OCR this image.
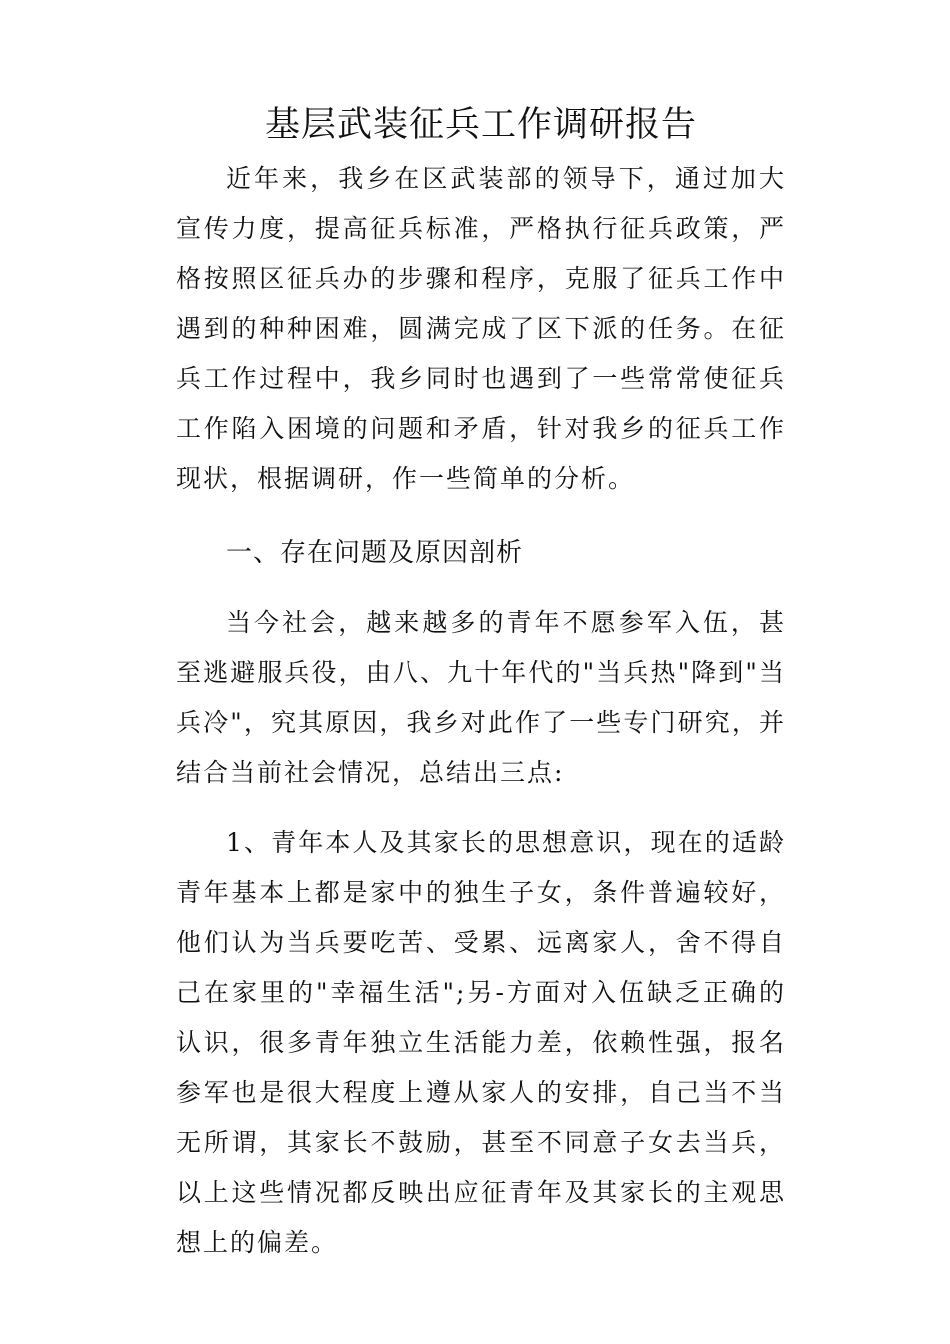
基层武装征兵工作调研报告

近年来，我乡在区武装部的领导下，通过加大宣传力度，提高征兵标准，严格执行征兵政策，严格按照区征兵办的步骤和程序，克服了征兵工作中遇到的种种困难，圆满完成了区下派的任务。在征兵工作过程中，我乡同时也遇到了一些常常使征兵工作陷入困境的问题和矛盾，针对我乡的征兵工作现状，根据调研，作一些简单的分析。

一、存在问题及原因剖析

当今社会，越来越多的青年不愿参军入伍，甚至逃避服兵役，由八、九十年代的"当兵热"降到"当兵冷"，究其原因，我乡对此作了一些专门研究，并结合当前社会情况，总结出三点:

1、青年本人及其家长的思想意识，现在的适龄青年基本上都是家中的独生子女，条件普遍较好，他们认为当兵要吃苦、受累、远离家人，舍不得自己在家里的"幸福生活";另-方面对入伍缺乏正确的认识，很多青年独立生活能力差，依赖性强，报名参军也是很大程度上遵从家人的安排，自己当不当无所谓，其家长不鼓励，甚至不同意子女去当兵，以上这些情况都反映出应征青年及其家长的主观思想上的偏差。
